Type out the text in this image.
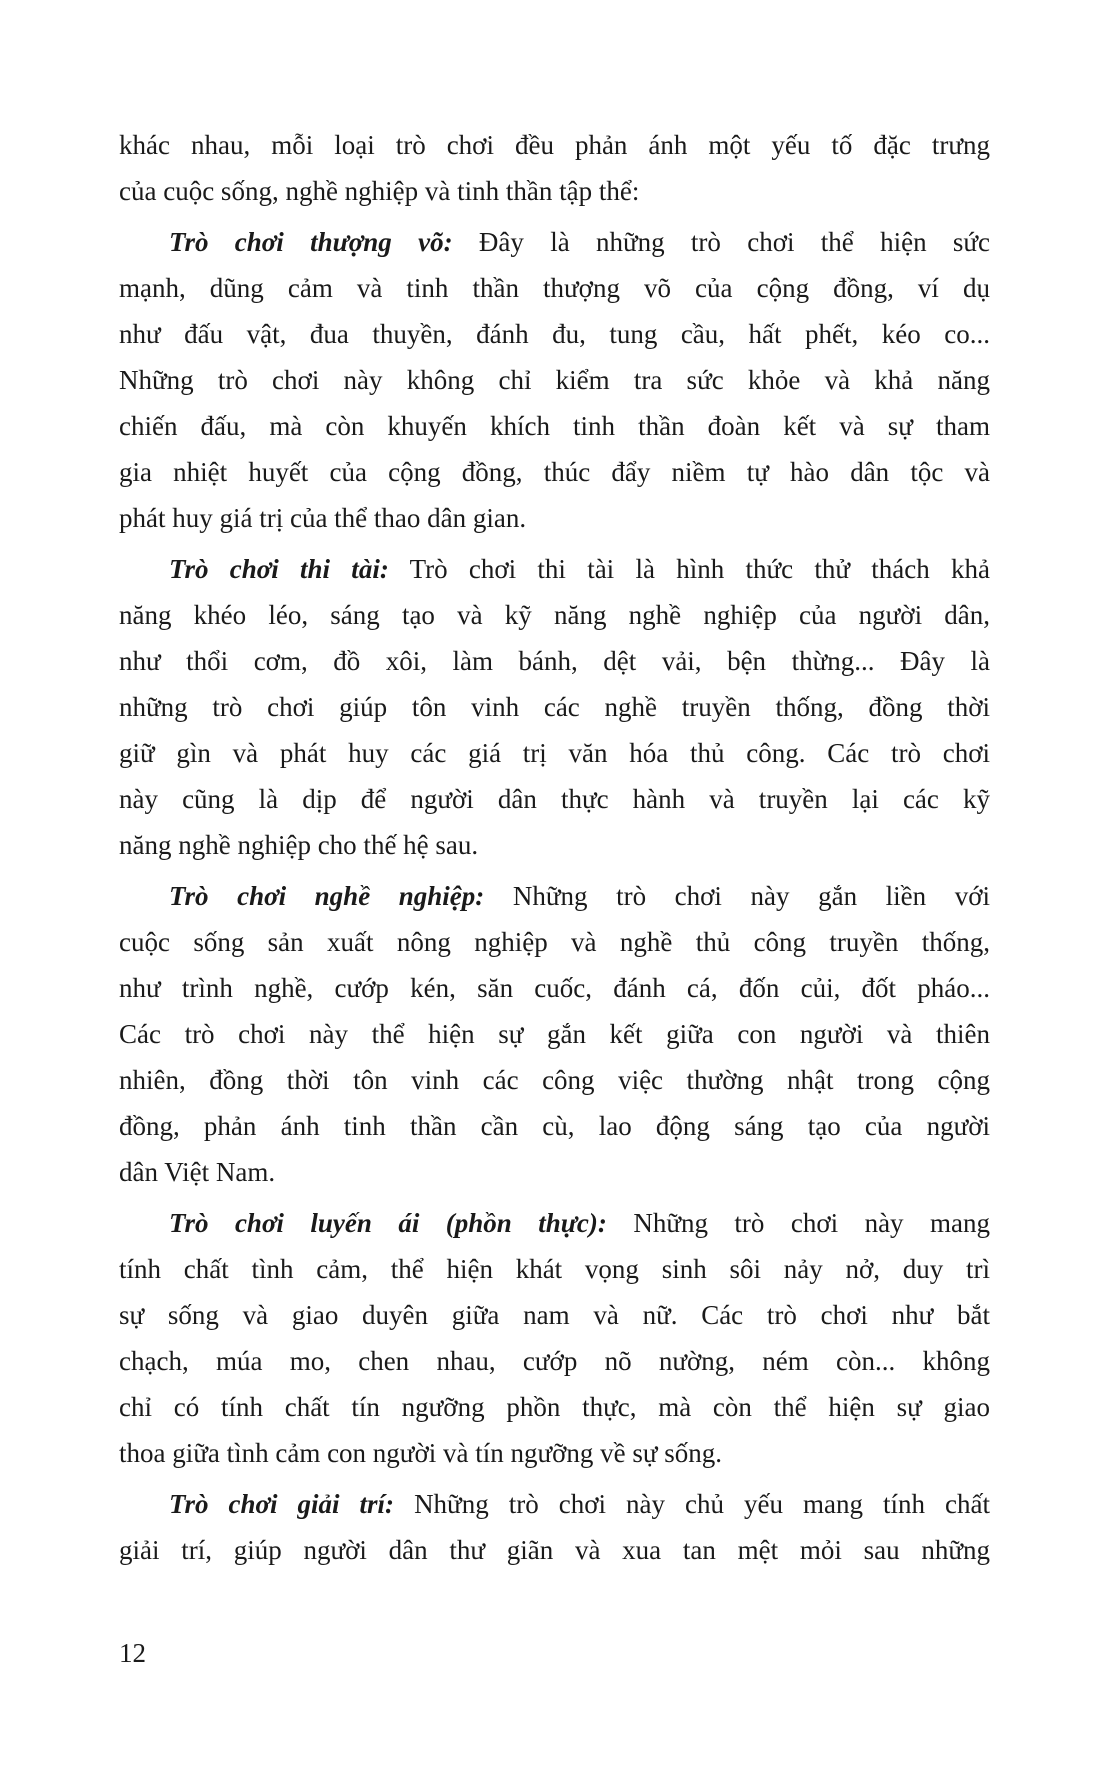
khác nhau, mỗi loại trò chơi đều phản ánh một yếu tố đặc trưng
của cuộc sống, nghề nghiệp và tinh thần tập thể:
Trò chơi thượng võ: Đây là những trò chơi thể hiện sức
mạnh, dũng cảm và tinh thần thượng võ của cộng đồng, ví dụ
như đấu vật, đua thuyền, đánh đu, tung cầu, hất phết, kéo co...
Những trò chơi này không chỉ kiểm tra sức khỏe và khả năng
chiến đấu, mà còn khuyến khích tinh thần đoàn kết và sự tham
gia nhiệt huyết của cộng đồng, thúc đẩy niềm tự hào dân tộc và
phát huy giá trị của thể thao dân gian.
Trò chơi thi tài: Trò chơi thi tài là hình thức thử thách khả
năng khéo léo, sáng tạo và kỹ năng nghề nghiệp của người dân,
như thổi cơm, đồ xôi, làm bánh, dệt vải, bện thừng... Đây là
những trò chơi giúp tôn vinh các nghề truyền thống, đồng thời
giữ gìn và phát huy các giá trị văn hóa thủ công. Các trò chơi
này cũng là dịp để người dân thực hành và truyền lại các kỹ
năng nghề nghiệp cho thế hệ sau.
Trò chơi nghề nghiệp: Những trò chơi này gắn liền với
cuộc sống sản xuất nông nghiệp và nghề thủ công truyền thống,
như trình nghề, cướp kén, săn cuốc, đánh cá, đốn củi, đốt pháo...
Các trò chơi này thể hiện sự gắn kết giữa con người và thiên
nhiên, đồng thời tôn vinh các công việc thường nhật trong cộng
đồng, phản ánh tinh thần cần cù, lao động sáng tạo của người
dân Việt Nam.
Trò chơi luyến ái (phồn thực): Những trò chơi này mang
tính chất tình cảm, thể hiện khát vọng sinh sôi nảy nở, duy trì
sự sống và giao duyên giữa nam và nữ. Các trò chơi như bắt
chạch, múa mo, chen nhau, cướp nõ nường, ném còn... không
chỉ có tính chất tín ngưỡng phồn thực, mà còn thể hiện sự giao
thoa giữa tình cảm con người và tín ngưỡng về sự sống.
Trò chơi giải trí: Những trò chơi này chủ yếu mang tính chất
giải trí, giúp người dân thư giãn và xua tan mệt mỏi sau những
12
